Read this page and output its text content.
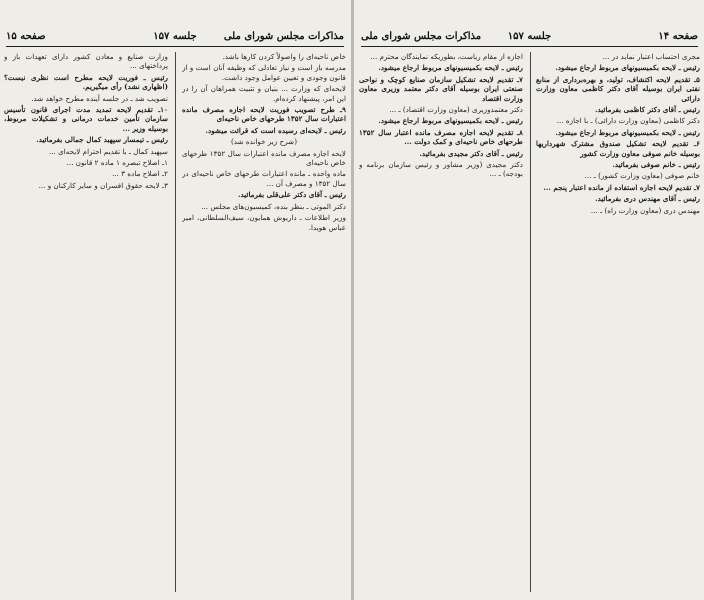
مذاکرات مجلس شورای ملی
جلسه ۱۵۷
صفحه ۱۵

خاص ناحیه‌ای را واصولاً کردن کارها باشد.

مدرسه باز است و نیاز تعادلی که وظیفه آنان است و از قانون وجودی و تعیین عوامل وجود داشت.

لایحه‌ای که وزارت ... بنیان و تثبیت همراهان آن را در این امر، پیشنهاد کرده‌ام.

۹ـ طرح تصویب فوریت لایحه اجازه مصرف مانده اعتبارات سال ۱۳۵۲ طرحهای خاص ناحیه‌ای

رئیس ـ لایحه‌ای رسیده است که قرائت میشود.

(شرح زیر خوانده شد)

لایحه اجازه مصرف مانده اعتبارات سال ۱۳۵۲ طرحهای خاص ناحیه‌ای

ماده واحده ـ مانده اعتبارات طرحهای خاص ناحیه‌ای در سال ۱۳۵۲ و مصرف آن ...

رئیس ـ آقای دکتر علی‌قلی بفرمائید.

دکتر الموتی ـ بنظر بنده، کمیسیون‌های مجلس ...

وزیر اطلاعات ـ داریوش همایون، سیف‌السلطانی، امیر عباس هویدا.

وزارت صنایع و معادن کشور دارای تعهدات باز و پرداختهای ...

رئیس ـ فوریت لایحه مطرح است نظری نیست؟ (اظهاری نشد) رأی میگیریم.

تصویب شد ـ در جلسه آینده مطرح خواهد شد.

۱۰ـ تقدیم لایحه تمدید مدت اجرای قانون تأسیس سازمان تأمین خدمات درمانی و تشکیلات مربوط، بوسیله وزیر ...

رئیس ـ تیمسار سپهبد کمال جمالی بفرمائید.

سپهبد کمال ـ با تقدیم احترام لایحه‌ای ...

۱ـ اصلاح تبصره ۱ ماده ۲ قانون ...

۲ـ اصلاح ماده ۳ ...

۳ـ لایحه حقوق افسران و سایر کارکنان و ...

صفحه ۱۴
جلسه ۱۵۷
مذاکرات مجلس شورای ملی

مجری احتساب اعتبار نماید در ...

رئیس ـ لایحه بکمیسیونهای مربوط ارجاع میشود.

۵ـ تقدیم لایحه اکتشاف، تولید، و بهره‌برداری از منابع نفتی ایران بوسیله آقای دکتر کاظمی معاون وزارت دارائی

رئیس ـ آقای دکتر کاظمی بفرمائید.

دکتر کاظمی (معاون وزارت دارائی) ـ با اجازه ...

رئیس ـ لایحه بکمیسیونهای مربوط ارجاع میشود.

۶ـ تقدیم لایحه تشکیل صندوق مشترک شهرداریها بوسیله خانم صوفی معاون وزارت کشور

رئیس ـ خانم صوفی بفرمائید.

خانم صوفی (معاون وزارت کشور) ـ ...

۷ـ تقدیم لایحه اجازه استفاده از مانده اعتبار پنجم ...

رئیس ـ آقای مهندس دری بفرمائید.

مهندس دری (معاون وزارت راه) ـ ...

اجازه از مقام ریاست، بطوریکه نمایندگان محترم ...

رئیس ـ لایحه بکمیسیونهای مربوط ارجاع میشود.

۷ـ تقدیم لایحه تشکیل سازمان صنایع کوچک و نواحی صنعتی ایران بوسیله آقای دکتر معتمد وزیری معاون وزارت اقتصاد

دکتر معتمدوزیری (معاون وزارت اقتصاد) ـ ...

رئیس ـ لایحه بکمیسیونهای مربوط ارجاع میشود.

۸ـ تقدیم لایحه اجازه مصرف مانده اعتبار سال ۱۳۵۲ طرحهای خاص ناحیه‌ای و کمک دولت ...

رئیس ـ آقای دکتر مجیدی بفرمائید.

دکتر مجیدی (وزیر مشاور و رئیس سازمان برنامه و بودجه) ـ ...
